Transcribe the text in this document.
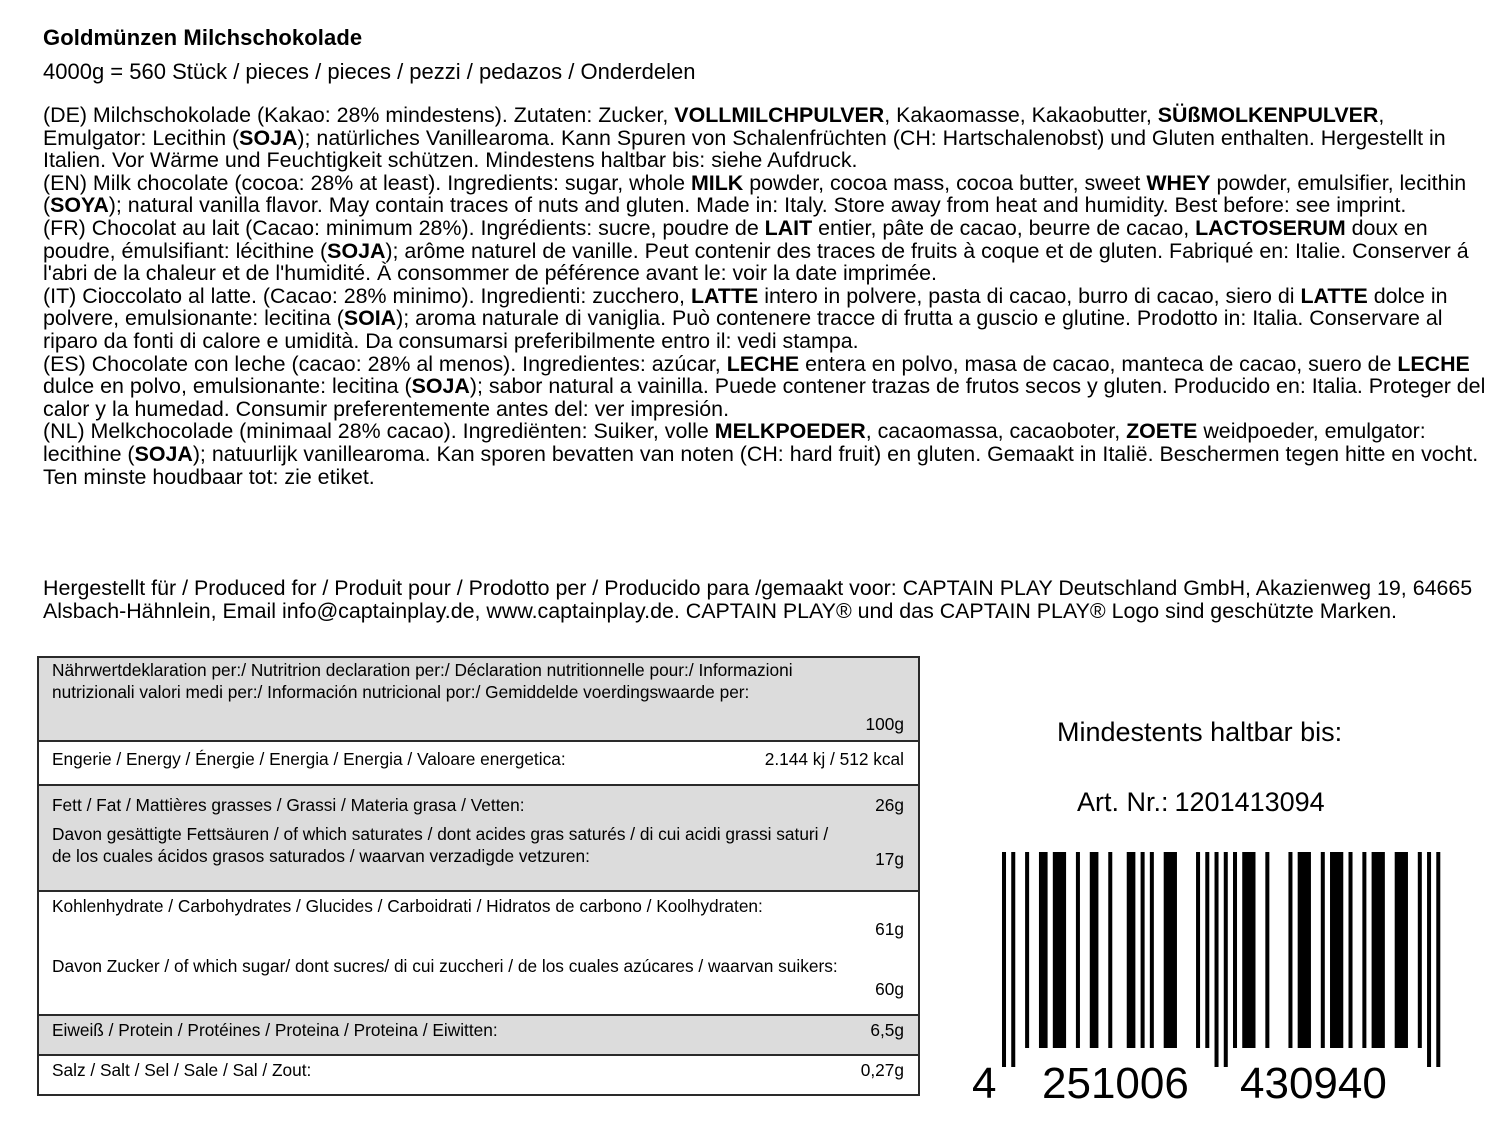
Goldmünzen Milchschokolade
4000g = 560 Stück / pieces / pieces / pezzi / pedazos / Onderdelen

(DE) Milchschokolade (Kakao: 28% mindestens). Zutaten: Zucker, VOLLMILCHPULVER, Kakaomasse, Kakaobutter, SÜßMOLKENPULVER, Emulgator: Lecithin (SOJA); natürliches Vanillearoma. Kann Spuren von Schalenfrüchten (CH: Hartschalenobst) und Gluten enthalten. Hergestellt in Italien. Vor Wärme und Feuchtigkeit schützen. Mindestens haltbar bis: siehe Aufdruck.

(EN) Milk chocolate (cocoa: 28% at least). Ingredients: sugar, whole MILK powder, cocoa mass, cocoa butter, sweet WHEY powder, emulsifier, lecithin (SOYA); natural vanilla flavor. May contain traces of nuts and gluten. Made in: Italy. Store away from heat and humidity. Best before: see imprint.

(FR) Chocolat au lait (Cacao: minimum 28%). Ingrédients: sucre, poudre de LAIT entier, pâte de cacao, beurre de cacao, LACTOSERUM doux en poudre, émulsifiant: lécithine (SOJA); arôme naturel de vanille. Peut contenir des traces de fruits à coque et de gluten. Fabriqué en: Italie. Conserver á l'abri de la chaleur et de l'humidité. À consommer de péférence avant le: voir la date imprimée.

(IT) Cioccolato al latte. (Cacao: 28% minimo). Ingredienti: zucchero, LATTE intero in polvere, pasta di cacao, burro di cacao, siero di LATTE dolce in polvere, emulsionante: lecitina (SOIA); aroma naturale di vaniglia. Può contenere tracce di frutta a guscio e glutine. Prodotto in: Italia. Conservare al riparo da fonti di calore e umidità. Da consumarsi preferibilmente entro il: vedi stampa.

(ES) Chocolate con leche (cacao: 28% al menos). Ingredientes: azúcar, LECHE entera en polvo, masa de cacao, manteca de cacao, suero de LECHE dulce en polvo, emulsionante: lecitina (SOJA); sabor natural a vainilla. Puede contener trazas de frutos secos y gluten. Producido en: Italia. Proteger del calor y la humedad. Consumir preferentemente antes del: ver impresión.

(NL) Melkchocolade (minimaal 28% cacao). Ingrediënten: Suiker, volle MELKPOEDER, cacaomassa, cacaoboter, ZOETE weidpoeder, emulgator: lecithine (SOJA); natuurlijk vanillearoma. Kan sporen bevatten van noten (CH: hard fruit) en gluten. Gemaakt in Italië. Beschermen tegen hitte en vocht. Ten minste houdbaar tot: zie etiket.

Hergestellt für / Produced for / Produit pour / Prodotto per / Producido para /gemaakt voor: CAPTAIN PLAY Deutschland GmbH, Akazienweg 19, 64665 Alsbach-Hähnlein, Email info@captainplay.de, www.captainplay.de. CAPTAIN PLAY® und das CAPTAIN PLAY® Logo sind geschützte Marken.
Nährwertdeklaration per:/ Nutritrion declaration per:/ Déclaration nutritionnelle pour:/ Informazioni nutrizionali valori medi per:/ Información nutricional por:/ Gemiddelde voerdingswaarde per:
100g

Engerie / Energy / Énergie / Energia / Energia / Valoare energetica:	2.144 kj / 512 kcal

Fett / Fat / Mattières grasses / Grassi / Materia grasa / Vetten:	26g
Davon gesättigte Fettsäuren / of which saturates / dont acides gras saturés / di cui acidi grassi saturi / de los cuales ácidos grasos saturados / waarvan verzadigde vetzuren:	17g

Kohlenhydrate / Carbohydrates / Glucides / Carboidrati / Hidratos de carbono / Koolhydraten:
61g
Davon Zucker / of which sugar/ dont sucres/ di cui zuccheri / de los cuales azúcares / waarvan suikers:
60g

Eiweiß / Protein / Protéines / Proteina / Proteina / Eiwitten:	6,5g

Salz / Salt / Sel / Sale / Sal / Zout:	0,27g
Mindestents haltbar bis:
Art. Nr.: 1201413094
4 251006 430940
